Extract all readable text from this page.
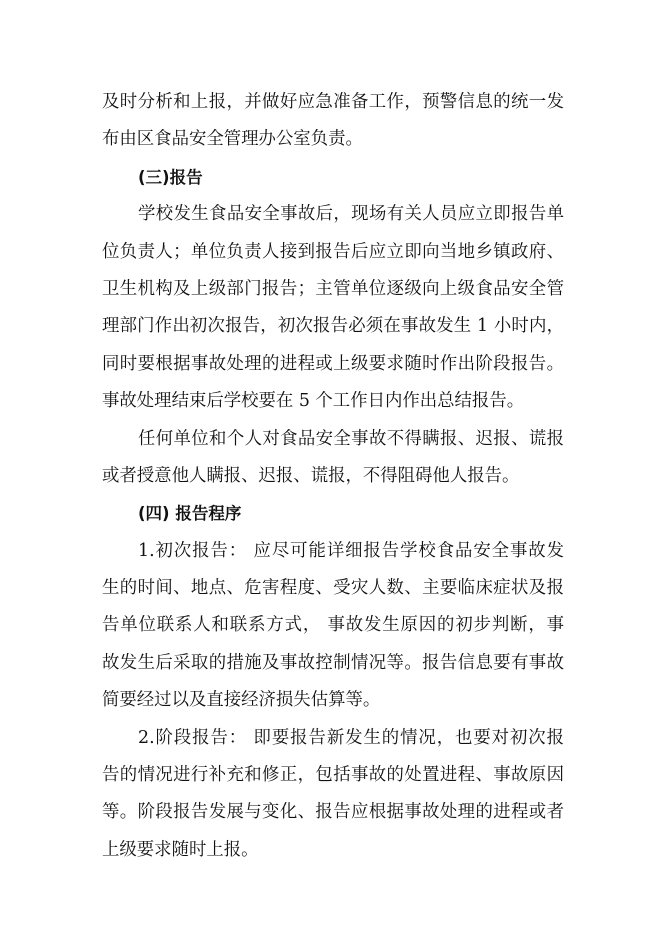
及时分析和上报，并做好应急准备工作，预警信息的统一发
布由区食品安全管理办公室负责。
(三)报告
学校发生食品安全事故后，现场有关人员应立即报告单
位负责人；单位负责人接到报告后应立即向当地乡镇政府、
卫生机构及上级部门报告；主管单位逐级向上级食品安全管
理部门作出初次报告，初次报告必须在事故发生 1 小时内，
同时要根据事故处理的进程或上级要求随时作出阶段报告。
事故处理结束后学校要在 5 个工作日内作出总结报告。
任何单位和个人对食品安全事故不得瞒报、迟报、谎报
或者授意他人瞒报、迟报、谎报，不得阻碍他人报告。
(四) 报告程序
1.初次报告： 应尽可能详细报告学校食品安全事故发
生的时间、地点、危害程度、受灾人数、主要临床症状及报
告单位联系人和联系方式， 事故发生原因的初步判断，事
故发生后采取的措施及事故控制情况等。报告信息要有事故
简要经过以及直接经济损失估算等。
2.阶段报告： 即要报告新发生的情况，也要对初次报
告的情况进行补充和修正，包括事故的处置进程、事故原因
等。阶段报告发展与变化、报告应根据事故处理的进程或者
上级要求随时上报。
